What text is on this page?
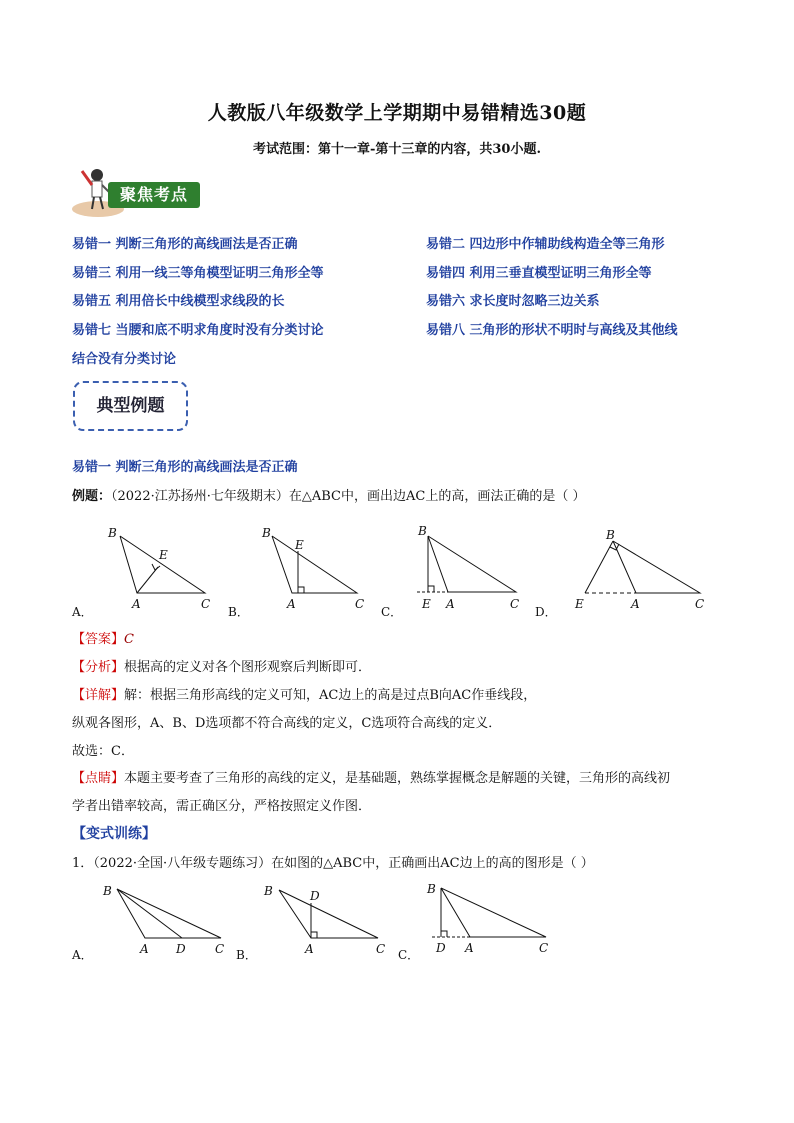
人教版八年级数学上学期期中易错精选30题
考试范围：第十一章-第十三章的内容，共30小题.
聚焦考点
易错一 判断三角形的高线画法是否正确	易错二 四边形中作辅助线构造全等三角形
易错三 利用一线三等角模型证明三角形全等	易错四 利用三垂直模型证明三角形全等
易错五 利用倍长中线模型求线段的长	易错六 求长度时忽略三边关系
易错七 当腰和底不明求角度时没有分类讨论	易错八 三角形的形状不明时与高线及其他线
结合没有分类讨论
典型例题
易错一 判断三角形的高线画法是否正确
例题：（2022·江苏扬州·七年级期末）在△ABC中，画出边AC上的高，画法正确的是（ ）
B
E
A	C
B
E
A	C
B
E A	C
B
E	A	C
A．	B．	C．	D．
【答案】C
【分析】根据高的定义对各个图形观察后判断即可．
【详解】解：根据三角形高线的定义可知，AC边上的高是过点B向AC作垂线段，
纵观各图形，A、B、D选项都不符合高线的定义，C选项符合高线的定义．
故选：C．
【点睛】本题主要考查了三角形的高线的定义，是基础题，熟练掌握概念是解题的关键，三角形的高线初
学者出错率较高，需正确区分，严格按照定义作图．
【变式训练】
1．（2022·全国·八年级专题练习）在如图的△ABC中，正确画出AC边上的高的图形是（ ）
B
A D C
B	D
A	C
B
D A	C
A．	B．	C．
